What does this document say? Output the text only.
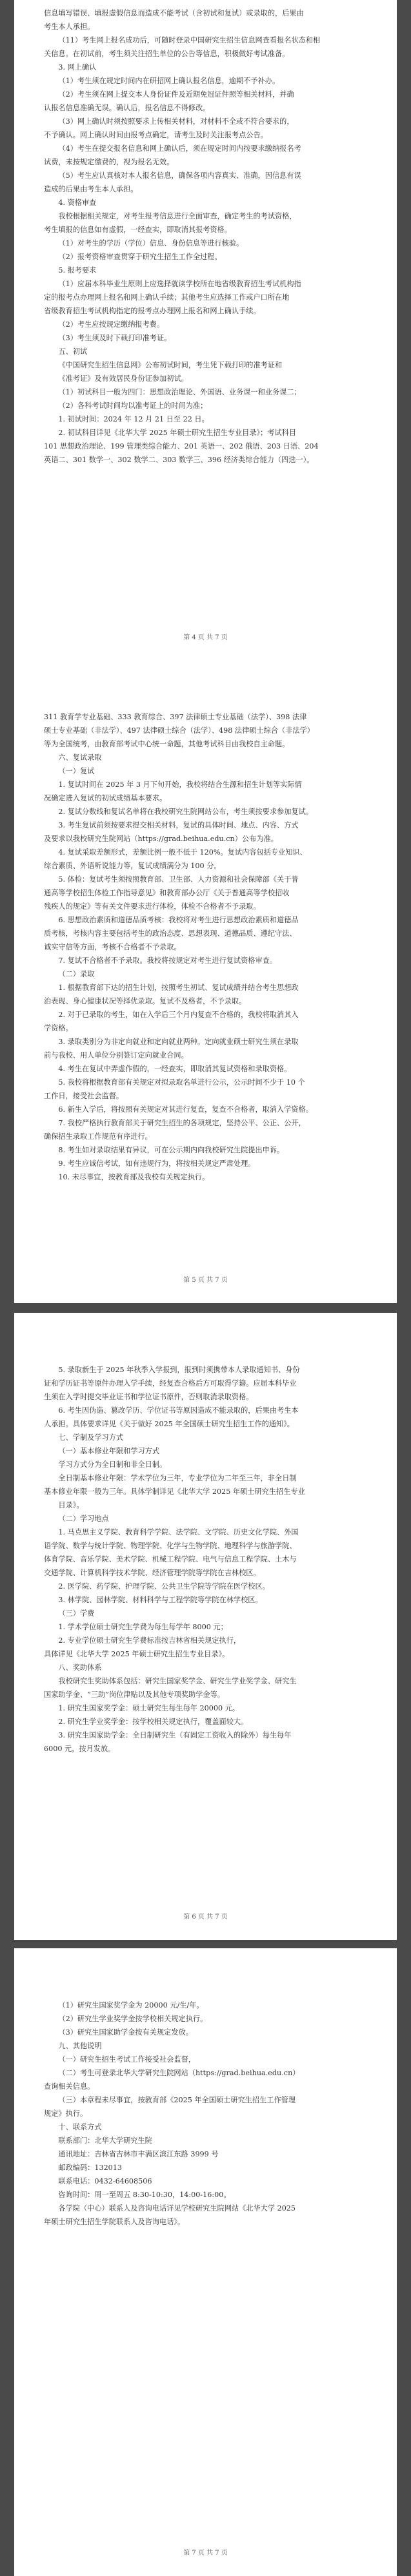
信息填写错误、填报虚假信息而造成不能考试（含初试和复试）或录取的，后果由
考生本人承担。
（11）考生网上报名成功后，可随时登录中国研究生招生信息网查看报名状态和相
关信息。在初试前，考生须关注招生单位的公告等信息，积极做好考试准备。
3. 网上确认
（1）考生须在规定时间内在研招网上确认报名信息，逾期不予补办。
（2）考生须在网上提交本人身份证件及近期免冠证件照等相关材料，并确
认报名信息准确无误。确认后，报名信息不得修改。
（3）网上确认时须按照要求上传相关材料，对材料不全或不符合要求的，
不予确认。网上确认时间由报考点确定，请考生及时关注报考点公告。
（4）考生在提交报名信息和网上确认后，须在规定时间内按要求缴纳报名考
试费，未按规定缴费的，视为报名无效。
（5）考生应认真核对本人报名信息，确保各项内容真实、准确，因信息有误
造成的后果由考生本人承担。
4. 资格审查
我校根据相关规定，对考生报考信息进行全面审查，确定考生的考试资格，
考生填报的信息如有虚假，一经查实，即取消其报考资格。
（1）对考生的学历（学位）信息、身份信息等进行核验。
（2）报考资格审查贯穿于研究生招生工作全过程。
5. 报考要求
（1）应届本科毕业生原则上应选择就读学校所在地省级教育招生考试机构指
定的报考点办理网上报名和网上确认手续；其他考生应选择工作或户口所在地
省级教育招生考试机构指定的报考点办理网上报名和网上确认手续。
（2）考生应按规定缴纳报考费。
（3）考生须及时下载打印准考证。
五、初试
《中国研究生招生信息网》公布初试时间，考生凭下载打印的准考证和
《准考证》及有效居民身份证参加初试。
（1）初试科目一般为四门：思想政治理论、外国语、业务课一和业务课二；
（2）各科考试时间均以准考证上的时间为准；
1. 初试时间：2024 年 12 月 21 日至 22 日。
2. 初试科目详见《北华大学 2025 年硕士研究生招生专业目录》；考试科目
101 思想政治理论、199 管理类综合能力、201 英语一、202 俄语、203 日语、204
英语二、301 数学一、302 数学二、303 数学三、396 经济类综合能力（四选一）。
第 4 页 共 7 页
311 教育学专业基础、333 教育综合、397 法律硕士专业基础（法学）、398 法律
硕士专业基础（非法学）、497 法律硕士综合（法学）、498 法律硕士综合（非法学）
等为全国统考，由教育部考试中心统一命题，其他考试科目由我校自主命题。
六、复试录取
（一）复试
1. 复试时间在 2025 年 3 月下旬开始，我校将结合生源和招生计划等实际情
况确定进入复试的初试成绩基本要求。
2. 复试分数线和复试名单将在我校研究生院网站公布，考生须按要求参加复试。
3. 考生复试前须按要求提交相关材料，复试的具体时间、地点、内容、方式
及要求以我校研究生院网站（https://grad.beihua.edu.cn）公布为准。
4. 复试采取差额形式，差额比例一般不低于 120%。复试内容包括专业知识、
综合素质、外语听说能力等，复试成绩满分为 100 分。
5. 体检：复试考生须按照教育部、卫生部、人力资源和社会保障部《关于普
通高等学校招生体检工作指导意见》和教育部办公厅《关于普通高等学校招收
残疾人的规定》等有关文件要求进行体检，体检不合格者不予录取。
6. 思想政治素质和道德品质考核：我校将对考生进行思想政治素质和道德品
质考核，考核内容主要包括考生的政治态度、思想表现、道德品质、遵纪守法、
诚实守信等方面，考核不合格者不予录取。
7. 复试不合格者不予录取。我校将按规定对考生进行复试资格审查。
（二）录取
1. 根据教育部下达的招生计划，按照考生初试、复试成绩并结合考生思想政
治表现、身心健康状况等择优录取。复试不及格者，不予录取。
2. 对于已录取的考生，如在入学后三个月内复查不合格的，我校将取消其入
学资格。
3. 录取类别分为非定向就业和定向就业两种。定向就业硕士研究生须在录取
前与我校、用人单位分别签订定向就业合同。
4. 考生在复试中弄虚作假的，一经查实，即取消其复试资格和录取资格。
5. 我校将根据教育部有关规定对拟录取名单进行公示，公示时间不少于 10 个
工作日，接受社会监督。
6. 新生入学后，将按照有关规定对其进行复查，复查不合格者，取消入学资格。
7. 我校严格执行教育部关于研究生招生的各项规定，坚持公平、公正、公开，
确保招生录取工作规范有序进行。
8. 考生如对录取结果有异议，可在公示期内向我校研究生院提出申诉。
9. 考生应诚信考试，如有违规行为，将按相关规定严肃处理。
10. 未尽事宜，按教育部及我校有关规定执行。
第 5 页 共 7 页
5. 录取新生于 2025 年秋季入学报到，报到时须携带本人录取通知书、身份
证和学历证书等原件办理入学手续，经复查合格后方可取得学籍。应届本科毕业
生须在入学时提交毕业证书和学位证书原件，否则取消录取资格。
6. 考生因伪造、篡改学历、学位证书等原因造成不能录取的，后果由考生本
人承担。具体要求详见《关于做好 2025 年全国硕士研究生招生工作的通知》。
七、学制及学习方式
（一）基本修业年限和学习方式
学习方式分为全日制和非全日制。
全日制基本修业年限：学术学位为三年，专业学位为二年至三年，非全日制
基本修业年限一般为三年。具体学制详见《北华大学 2025 年硕士研究生招生专业
目录》。
（二）学习地点
1. 马克思主义学院、教育科学学院、法学院、文学院、历史文化学院、外国
语学院、数学与统计学院、物理学院、化学与生物学院、地理科学与旅游学院、
体育学院、音乐学院、美术学院、机械工程学院、电气与信息工程学院、土木与
交通学院、计算机科学技术学院、经济管理学院等学院在吉林校区。
2. 医学院、药学院、护理学院、公共卫生学院等学院在医学校区。
3. 林学院、园林学院、材料科学与工程学院等学院在林学校区。
（三）学费
1. 学术学位硕士研究生学费为每生每学年 8000 元；
2. 专业学位硕士研究生学费标准按吉林省相关规定执行，
具体详见《北华大学 2025 年硕士研究生招生专业目录》。
八、奖助体系
我校研究生奖助体系包括：研究生国家奖学金、研究生学业奖学金、研究生
国家助学金、“三助”岗位津贴以及其他专项奖助学金等。
1. 研究生国家奖学金：硕士研究生每生每年 20000 元。
2. 研究生学业奖学金：按学校相关规定执行，覆盖面较大。
3. 研究生国家助学金：全日制研究生（有固定工资收入的除外）每生每年
6000 元，按月发放。
第 6 页 共 7 页
（1）研究生国家奖学金为 20000 元/生/年。
（2）研究生学业奖学金按学校相关规定执行。
（3）研究生国家助学金按有关规定发放。
九、其他说明
（一）研究生招生考试工作接受社会监督，
（二）考生可登录北华大学研究生院网站（https://grad.beihua.edu.cn）
查询相关信息。
（三）本章程未尽事宜，按教育部《2025 年全国硕士研究生招生工作管理
规定》执行。
十、联系方式
联系部门：北华大学研究生院
通讯地址：吉林省吉林市丰满区滨江东路 3999 号
邮政编码：132013
联系电话：0432-64608506
咨询时间：周一至周五 8:30-10:30，14:00-16:00。
各学院（中心）联系人及咨询电话详见学校研究生院网站《北华大学 2025
年硕士研究生招生学院联系人及咨询电话》。
第 7 页 共 7 页
